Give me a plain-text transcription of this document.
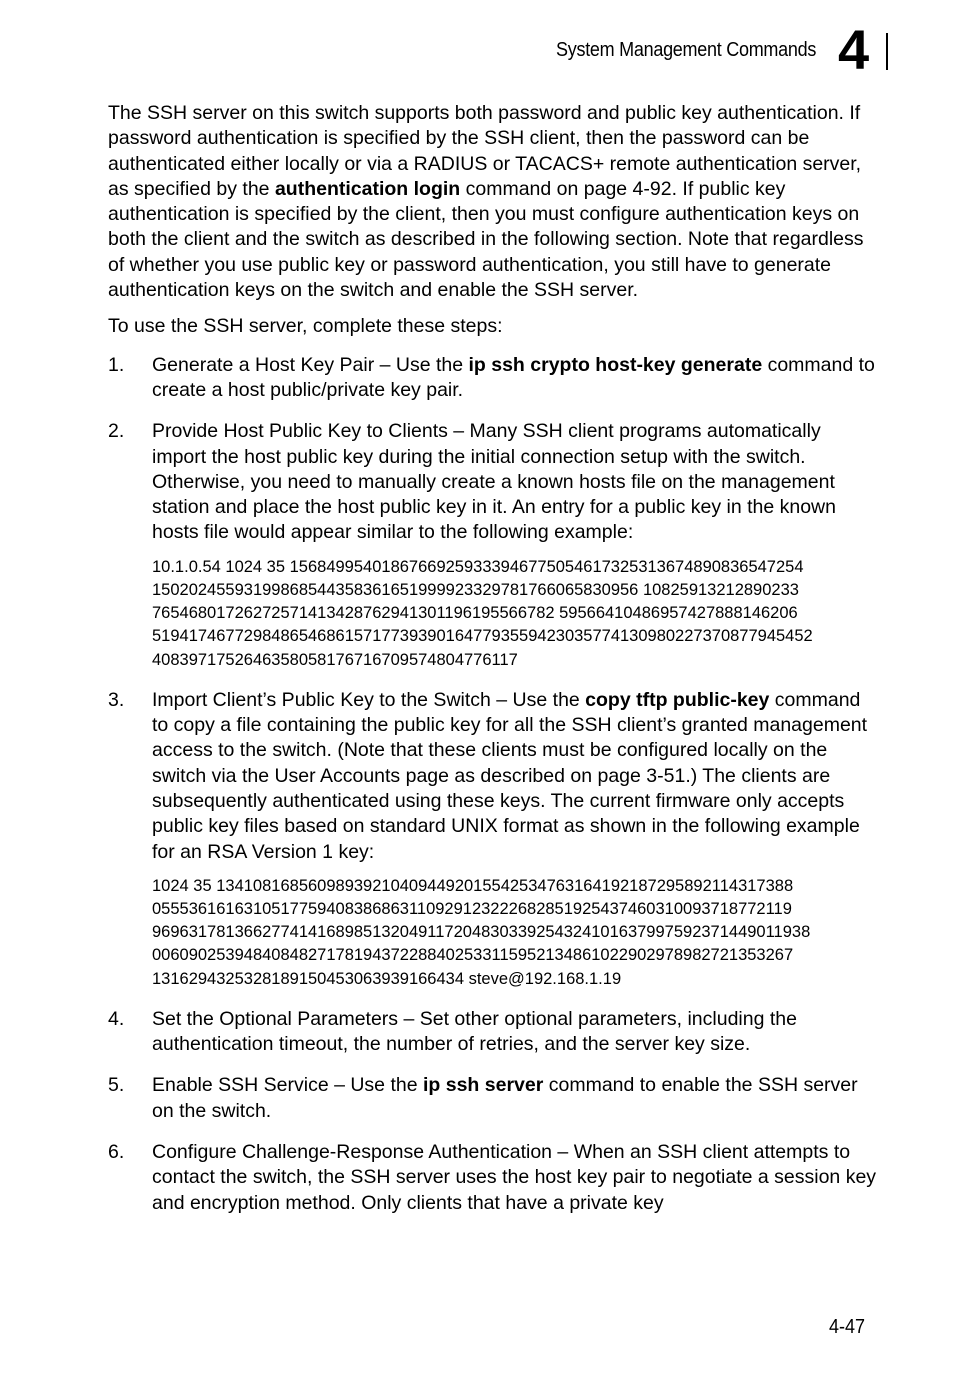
System Management Commands 4

The SSH server on this switch supports both password and public key authentication. If password authentication is specified by the SSH client, then the password can be authenticated either locally or via a RADIUS or TACACS+ remote authentication server, as specified by the authentication login command on page 4-92. If public key authentication is specified by the client, then you must configure authentication keys on both the client and the switch as described in the following section. Note that regardless of whether you use public key or password authentication, you still have to generate authentication keys on the switch and enable the SSH server.

To use the SSH server, complete these steps:

1.	Generate a Host Key Pair – Use the ip ssh crypto host-key generate command to create a host public/private key pair.

2.	Provide Host Public Key to Clients – Many SSH client programs automatically import the host public key during the initial connection setup with the switch. Otherwise, you need to manually create a known hosts file on the management station and place the host public key in it. An entry for a public key in the known hosts file would appear similar to the following example:

10.1.0.54 1024 35 15684995401867669259333946775054617325313674890836547254
15020245593199868544358361651999923329781766065830956 10825913212890233
76546801726272571413428762941301196195566782 59566410486957427888146206
519417467729848654686157177393901647793559423035774130980227370877945452
4083971752646358058176716709574804776117
3.	Import Client’s Public Key to the Switch – Use the copy tftp public-key command to copy a file containing the public key for all the SSH client’s granted management access to the switch. (Note that these clients must be configured locally on the switch via the User Accounts page as described on page 3-51.) The clients are subsequently authenticated using these keys. The current firmware only accepts public key files based on standard UNIX format as shown in the following example for an RSA Version 1 key:

1024 35 134108168560989392104094492015542534763164192187295892114317388
0555361616310517759408386863110929123222682851925437460310093718772119
969631781366277414168985132049117204830339254324101637997592371449011938
0060902539484084827178194372288402533115952134861022902978982721353267
1316294325328189150453063939166434 steve@192.168.1.19
4.	Set the Optional Parameters – Set other optional parameters, including the authentication timeout, the number of retries, and the server key size.

5.	Enable SSH Service – Use the ip ssh server command to enable the SSH server on the switch.

6.	Configure Challenge-Response Authentication – When an SSH client attempts to contact the switch, the SSH server uses the host key pair to negotiate a session key and encryption method. Only clients that have a private key

4-47
